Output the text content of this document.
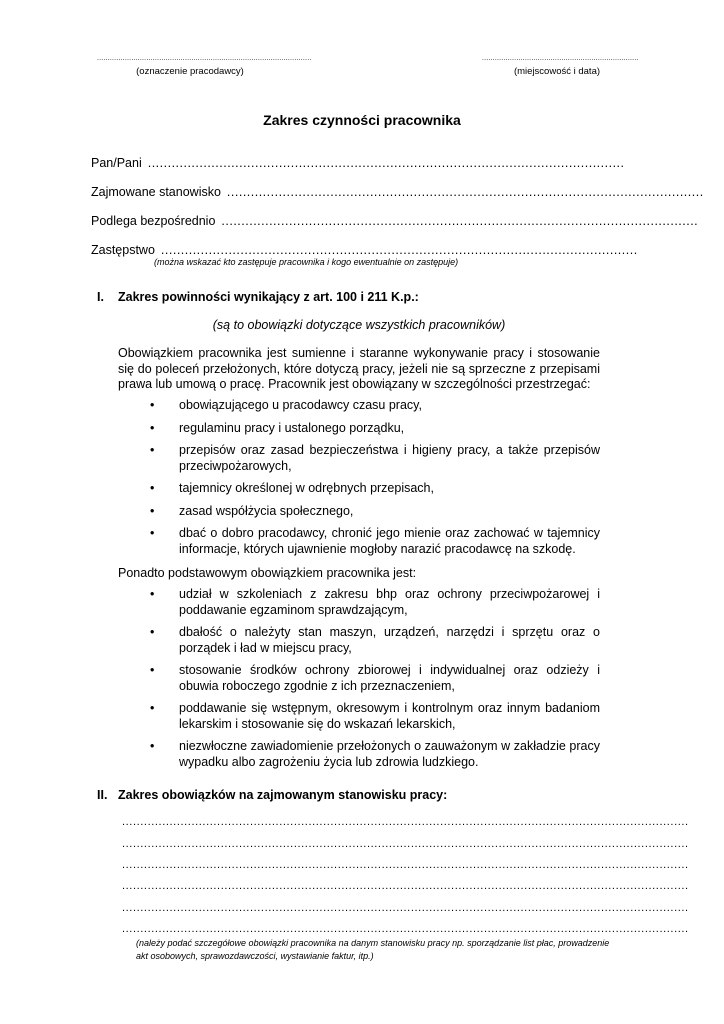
....................................................................................................
(oznaczenie pracodawcy)
.........................................................................
(miejscowość i data)
Zakres czynności pracownika
Pan/Pani ........................................................................................................................
Zajmowane stanowisko ........................................................................................................................
Podlega bezpośrednio ........................................................................................................................
Zastępstwo ........................................................................................................................
(można wskazać kto zastępuje pracownika i kogo ewentualnie on zastępuje)
I. Zakres powinności wynikający z art. 100 i 211 K.p.:
(są to obowiązki dotyczące wszystkich pracowników)
Obowiązkiem pracownika jest sumienne i staranne wykonywanie pracy i stosowanie się do poleceń przełożonych, które dotyczą pracy, jeżeli nie są sprzeczne z przepisami prawa lub umową o pracę. Pracownik jest obowiązany w szczególności przestrzegać:
• obowiązującego u pracodawcy czasu pracy,
• regulaminu pracy i ustalonego porządku,
• przepisów oraz zasad bezpieczeństwa i higieny pracy, a także przepisów przeciwpożarowych,
• tajemnicy określonej w odrębnych przepisach,
• zasad współżycia społecznego,
• dbać o dobro pracodawcy, chronić jego mienie oraz zachować w tajemnicy informacje, których ujawnienie mogłoby narazić pracodawcę na szkodę.
Ponadto podstawowym obowiązkiem pracownika jest:
• udział w szkoleniach z zakresu bhp oraz ochrony przeciwpożarowej i poddawanie egzaminom sprawdzającym,
• dbałość o należyty stan maszyn, urządzeń, narzędzi i sprzętu oraz o porządek i ład w miejscu pracy,
• stosowanie środków ochrony zbiorowej i indywidualnej oraz odzieży i obuwia roboczego zgodnie z ich przeznaczeniem,
• poddawanie się wstępnym, okresowym i kontrolnym oraz innym badaniom lekarskim i stosowanie się do wskazań lekarskich,
• niezwłoczne zawiadomienie przełożonych o zauważonym w zakładzie pracy wypadku albo zagrożeniu życia lub zdrowia ludzkiego.
II. Zakres obowiązków na zajmowanym stanowisku pracy:
...........................................................................................................................................................
...........................................................................................................................................................
...........................................................................................................................................................
...........................................................................................................................................................
...........................................................................................................................................................
...........................................................................................................................................................
(należy podać szczegółowe obowiązki pracownika na danym stanowisku pracy np. sporządzanie list płac, prowadzenie akt osobowych, sprawozdawczości, wystawianie faktur, itp.)
